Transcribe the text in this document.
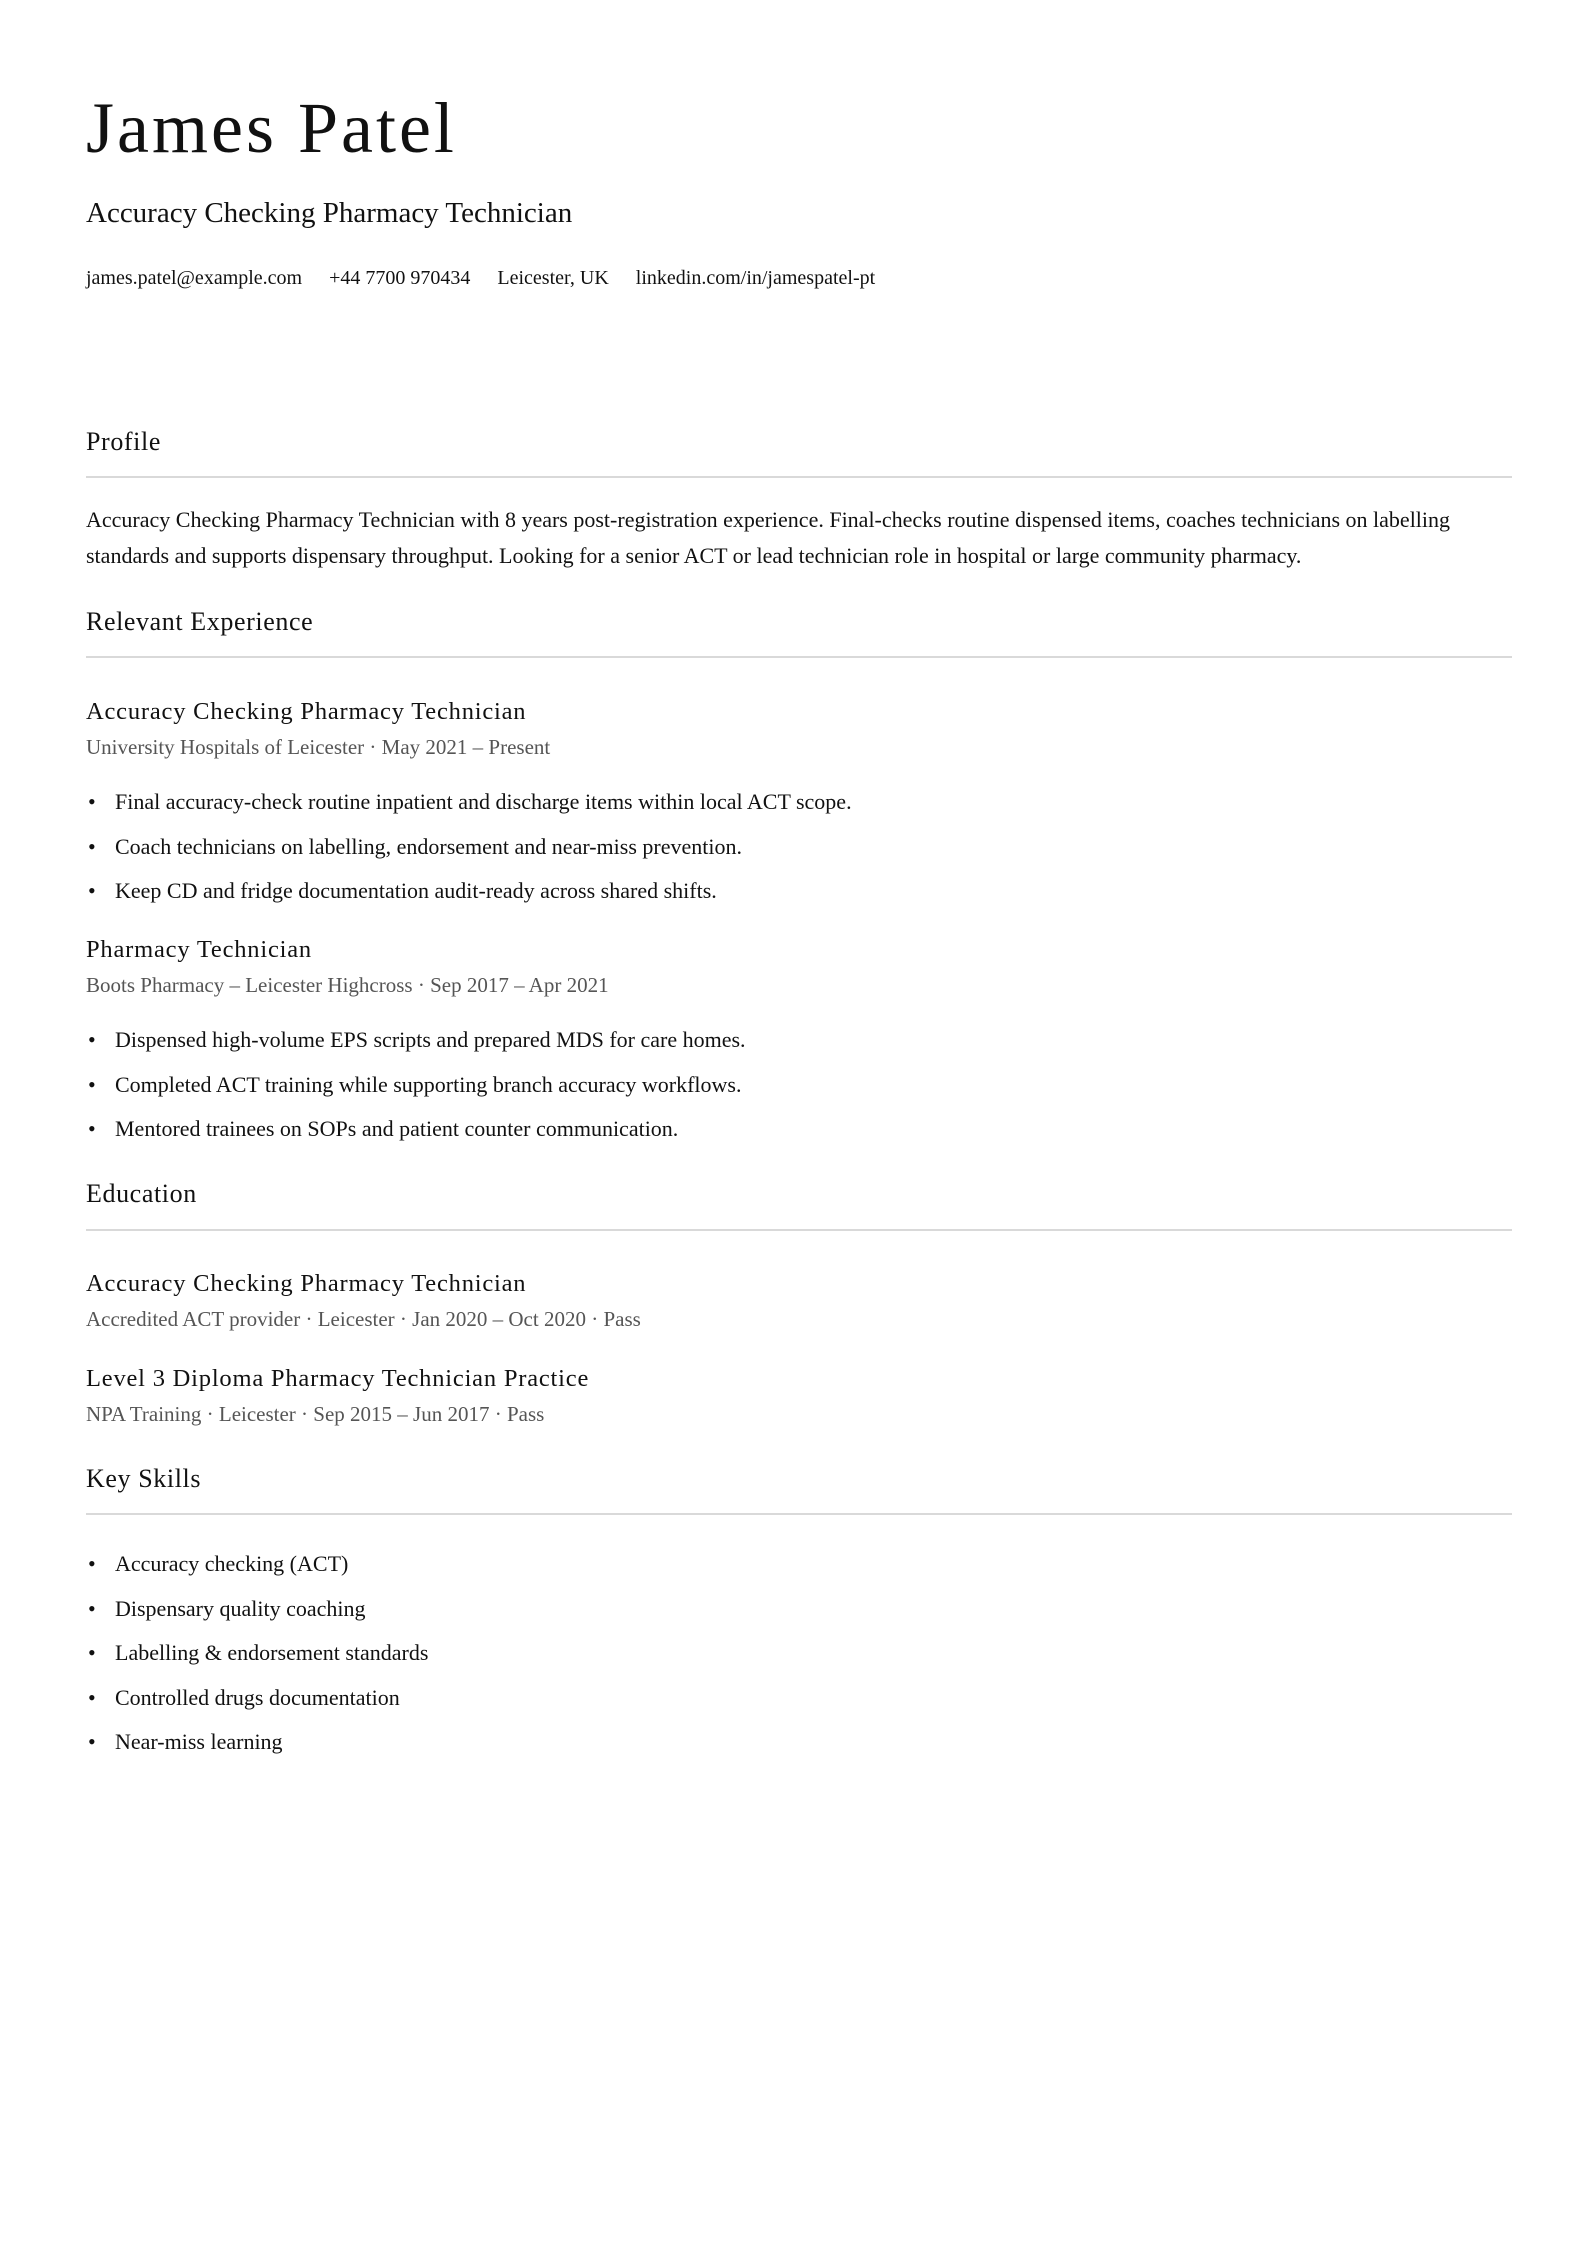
James Patel
Accuracy Checking Pharmacy Technician
james.patel@example.com +44 7700 970434 Leicester, UK linkedin.com/in/jamespatel-pt
Profile
Accuracy Checking Pharmacy Technician with 8 years post-registration experience. Final-checks routine dispensed items, coaches technicians on labelling standards and supports dispensary throughput. Looking for a senior ACT or lead technician role in hospital or large community pharmacy.
Relevant Experience
Accuracy Checking Pharmacy Technician
University Hospitals of Leicester · May 2021 – Present
• Final accuracy-check routine inpatient and discharge items within local ACT scope.
• Coach technicians on labelling, endorsement and near-miss prevention.
• Keep CD and fridge documentation audit-ready across shared shifts.
Pharmacy Technician
Boots Pharmacy – Leicester Highcross · Sep 2017 – Apr 2021
• Dispensed high-volume EPS scripts and prepared MDS for care homes.
• Completed ACT training while supporting branch accuracy workflows.
• Mentored trainees on SOPs and patient counter communication.
Education
Accuracy Checking Pharmacy Technician
Accredited ACT provider · Leicester · Jan 2020 – Oct 2020 · Pass
Level 3 Diploma Pharmacy Technician Practice
NPA Training · Leicester · Sep 2015 – Jun 2017 · Pass
Key Skills
• Accuracy checking (ACT)
• Dispensary quality coaching
• Labelling & endorsement standards
• Controlled drugs documentation
• Near-miss learning
